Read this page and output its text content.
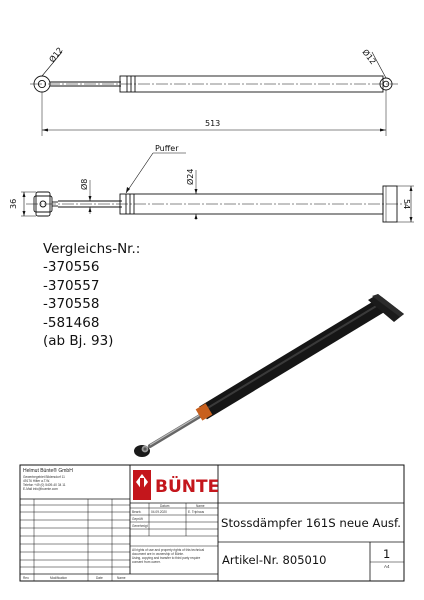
Ø12	Ø12
513
Puffer
Ø8	Ø24
36	54
Helmut Bünte® GmbH
Gewerbegebiet Bildersdorf 11
49176 Hilter a.T.W.
Telefon +49 (0) 5409-40 34 11
E-Mail info@buente.com	BÜNTE
Datum	Name
Bearb.	04.09.2020	E. Triphaus
Geprüft
Genehmigt
All rights of use and property rights of this technical
document are in ownership of Bünte.
Using, copying and transfer to third party require
consent from owner.
Stossdämpfer 161S neue Ausf.
Artikel-Nr. 805010	1
A4
Rev.	Modification	Date	Name
Vergleichs-Nr.:
-370556
-370557
-370558
-581468
(ab Bj. 93)
